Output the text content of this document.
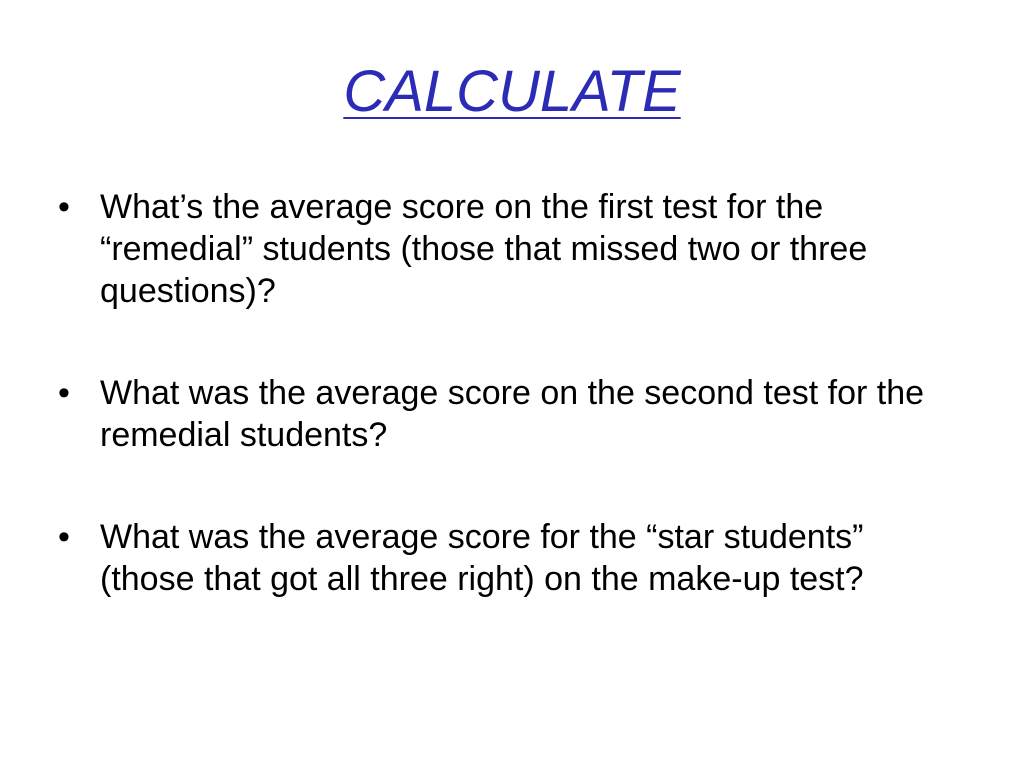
CALCULATE
• What’s the average score on the first test for the “remedial” students (those that missed two or three questions)?
• What was the average score on the second test for the remedial students?
• What was the average score for the “star students” (those that got all three right) on the make-up test?
